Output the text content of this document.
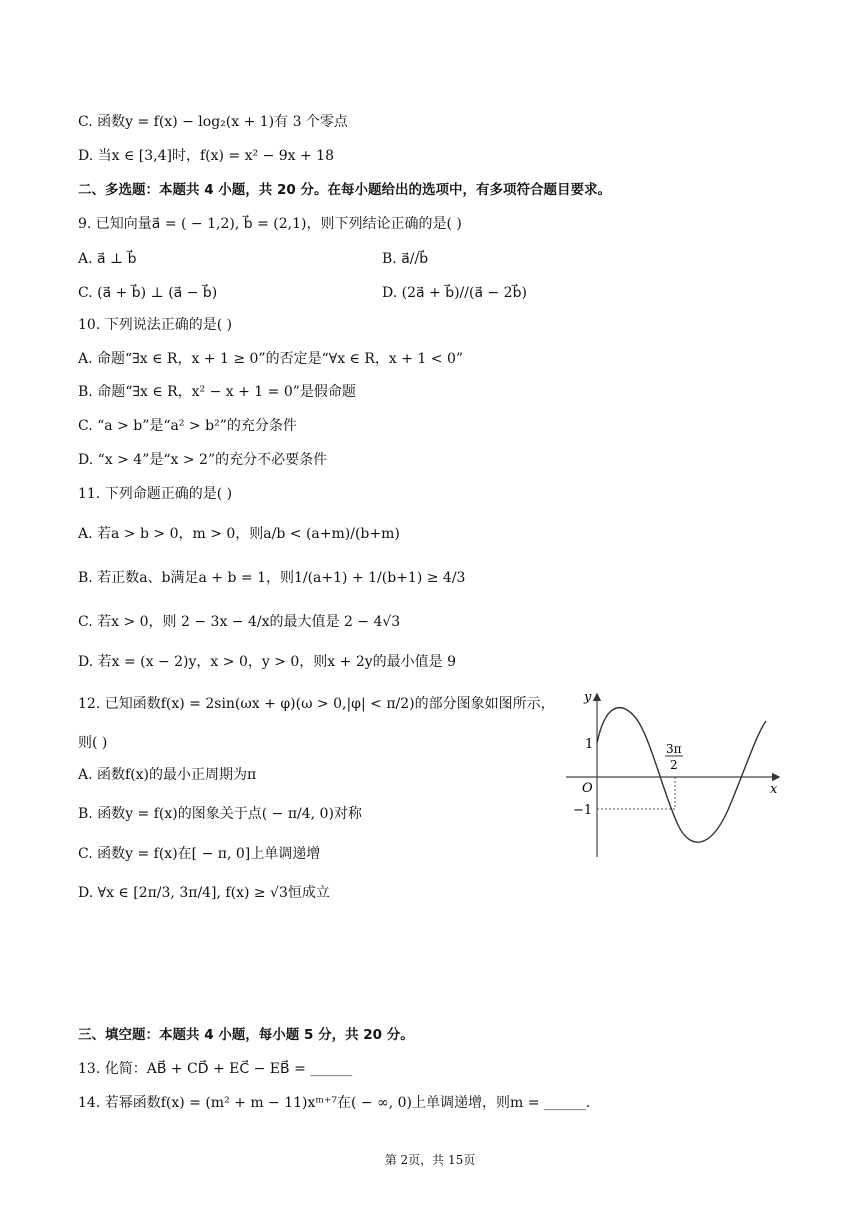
C. 函数y = f(x) − log₂(x + 1)有 3 个零点
D. 当x ∈ [3,4]时，f(x) = x² − 9x + 18
二、多选题：本题共 4 小题，共 20 分。在每小题给出的选项中，有多项符合题目要求。
9. 已知向量a⃗ = ( − 1,2), b⃗ = (2,1)，则下列结论正确的是( )
A. a⃗ ⊥ b⃗	B. a⃗//b⃗
C. (a⃗ + b⃗) ⊥ (a⃗ − b⃗)	D. (2a⃗ + b⃗)//(a⃗ − 2b⃗)
10. 下列说法正确的是( )
A. 命题“∃x ∈ R，x + 1 ≥ 0”的否定是“∀x ∈ R，x + 1 < 0”
B. 命题“∃x ∈ R，x² − x + 1 = 0”是假命题
C. “a > b”是“a² > b²”的充分条件
D. “x > 4”是“x > 2”的充分不必要条件
11. 下列命题正确的是( )
A. 若a > b > 0，m > 0，则a/b < (a+m)/(b+m)
B. 若正数a、b满足a + b = 1，则1/(a+1) + 1/(b+1) ≥ 4/3
C. 若x > 0，则 2 − 3x − 4/x的最大值是 2 − 4√3
D. 若x = (x − 2)y，x > 0，y > 0，则x + 2y的最小值是 9
12. 已知函数f(x) = 2sin(ωx + φ)(ω > 0,|φ| < π/2)的部分图象如图所示，
则( )
A. 函数f(x)的最小正周期为π
B. 函数y = f(x)的图象关于点( − π/4, 0)对称
C. 函数y = f(x)在[ − π, 0]上单调递增
D. ∀x ∈ [2π/3, 3π/4], f(x) ≥ √3恒成立
y
x
O
1
−1
3π
2
三、填空题：本题共 4 小题，每小题 5 分，共 20 分。
13. 化简：AB⃗ + CD⃗ + EC⃗ − EB⃗ = ______
14. 若幂函数f(x) = (m² + m − 11)xᵐ⁺⁷在( − ∞, 0)上单调递增，则m = ______.
第 2页，共 15页
